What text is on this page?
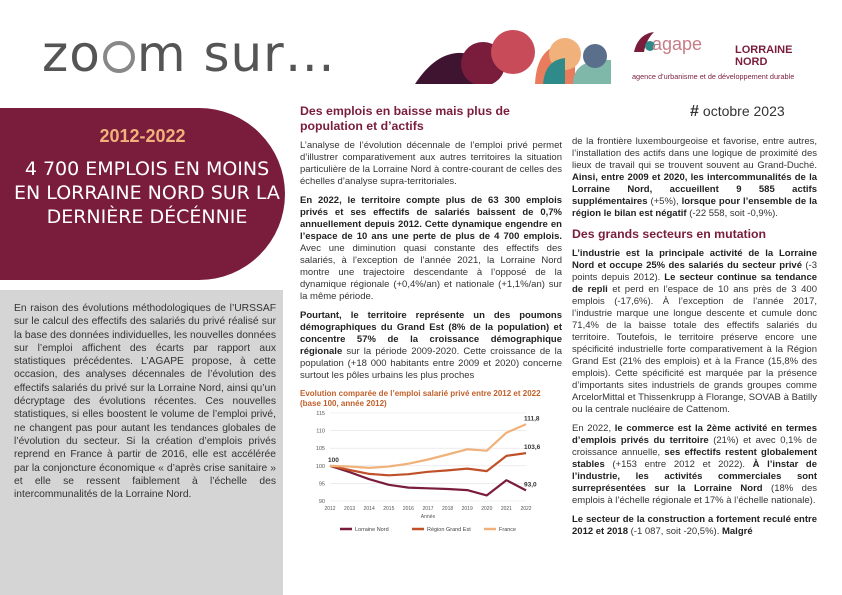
zo m sur…	agape	LORRAINE
NORD
agence d’urbanisme et de développement durable
# octobre 2023
2012-2022
4 700 EMPLOIS EN MOINS EN LORRAINE NORD SUR LA DERNIÈRE DÉCÉNNIE
En raison des évolutions méthodologiques de l’URSSAF sur le calcul des effectifs des salariés du privé réalisé sur la base des données individuelles, les nouvelles données sur l’emploi affichent des écarts par rapport aux statistiques précédentes. L’AGAPE propose, à cette occasion, des analyses décennales de l’évolution des effectifs salariés du privé sur la Lorraine Nord, ainsi qu’un décryptage des évolutions récentes. Ces nouvelles statistiques, si elles boostent le volume de l’emploi privé, ne changent pas pour autant les tendances globales de l’évolution du secteur. Si la création d’emplois privés reprend en France à partir de 2016, elle est accélérée par la conjoncture économique « d’après crise sanitaire » et elle se ressent faiblement à l’échelle des intercommunalités de la Lorraine Nord.
Des emplois en baisse mais plus de population et d’actifs

L’analyse de l’évolution décennale de l’emploi privé permet d’illustrer comparativement aux autres territoires la situation particulière de la Lorraine Nord à contre-courant de celles des échelles d’analyse supra-territoriales.

En 2022, le territoire compte plus de 63 300 emplois privés et ses effectifs de salariés baissent de 0,7% annuellement depuis 2012. Cette dynamique engendre en l’espace de 10 ans une perte de plus de 4 700 emplois. Avec une diminution quasi constante des effectifs des salariés, à l’exception de l’année 2021, la Lorraine Nord montre une trajectoire descendante à l’opposé de la dynamique régionale (+0,4%/an) et nationale (+1,1%/an) sur la même période.

Pourtant, le territoire représente un des poumons démographiques du Grand Est (8% de la population) et concentre 57% de la croissance démographique régionale sur la période 2009-2020. Cette croissance de la population (+18 000 habitants entre 2009 et 2020) concerne surtout les pôles urbains les plus proches

Evolution comparée de l’emploi salarié privé entre 2012 et 2022 (base 100, année 2012)
90
95
100
105
110
115
2012 2013 2014 2015 2016 2017 2018 2019 2020 2021 2022
Année
Lorraine Nord	Région Grand Est	France
100
111,8
103,6
93,0

de la frontière luxembourgeoise et favorise, entre autres, l’installation des actifs dans une logique de proximité des lieux de travail qui se trouvent souvent au Grand-Duché. Ainsi, entre 2009 et 2020, les intercommunalités de la Lorraine Nord, accueillent 9 585 actifs supplémentaires (+5%), lorsque pour l’ensemble de la région le bilan est négatif (-22 558, soit -0,9%).

Des grands secteurs en mutation

L’industrie est la principale activité de la Lorraine Nord et occupe 25% des salariés du secteur privé (-3 points depuis 2012). Le secteur continue sa tendance de repli et perd en l’espace de 10 ans près de 3 400 emplois (-17,6%). À l’exception de l’année 2017, l’industrie marque une longue descente et cumule donc 71,4% de la baisse totale des effectifs salariés du territoire. Toutefois, le territoire préserve encore une spécificité industrielle forte comparativement à la Région Grand Est (21% des emplois) et à la France (15,8% des emplois). Cette spécificité est marquée par la présence d’importants sites industriels de grands groupes comme ArcelorMittal et Thissenkrupp à Florange, SOVAB à Batilly ou la centrale nucléaire de Cattenom.

En 2022, le commerce est la 2ème activité en termes d’emplois privés du territoire (21%) et avec 0,1% de croissance annuelle, ses effectifs restent globalement stables (+153 entre 2012 et 2022). À l’instar de l’industrie, les activités commerciales sont surreprésentées sur la Lorraine Nord (18% des emplois à l’échelle régionale et 17% à l’échelle nationale).

Le secteur de la construction a fortement reculé entre 2012 et 2018 (-1 087, soit -20,5%). Malgré
